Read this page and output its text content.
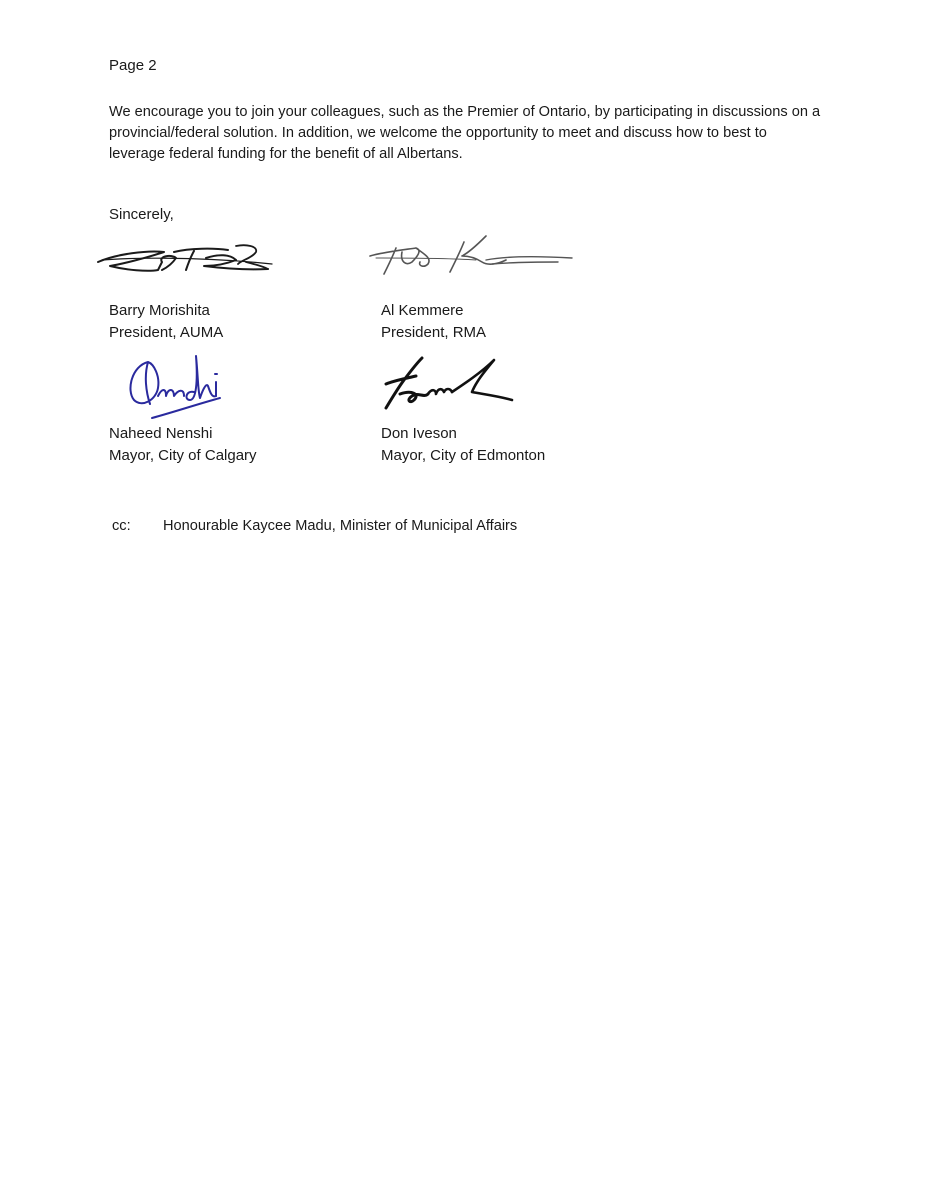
Page 2

We encourage you to join your colleagues, such as the Premier of Ontario, by participating in discussions on a provincial/federal solution. In addition, we welcome the opportunity to meet and discuss how to best to leverage federal funding for the benefit of all Albertans.

Sincerely,
Barry Morishita
President, AUMA
Al Kemmere
President, RMA
Naheed Nenshi
Mayor, City of Calgary
Don Iveson
Mayor, City of Edmonton
cc: Honourable Kaycee Madu, Minister of Municipal Affairs
